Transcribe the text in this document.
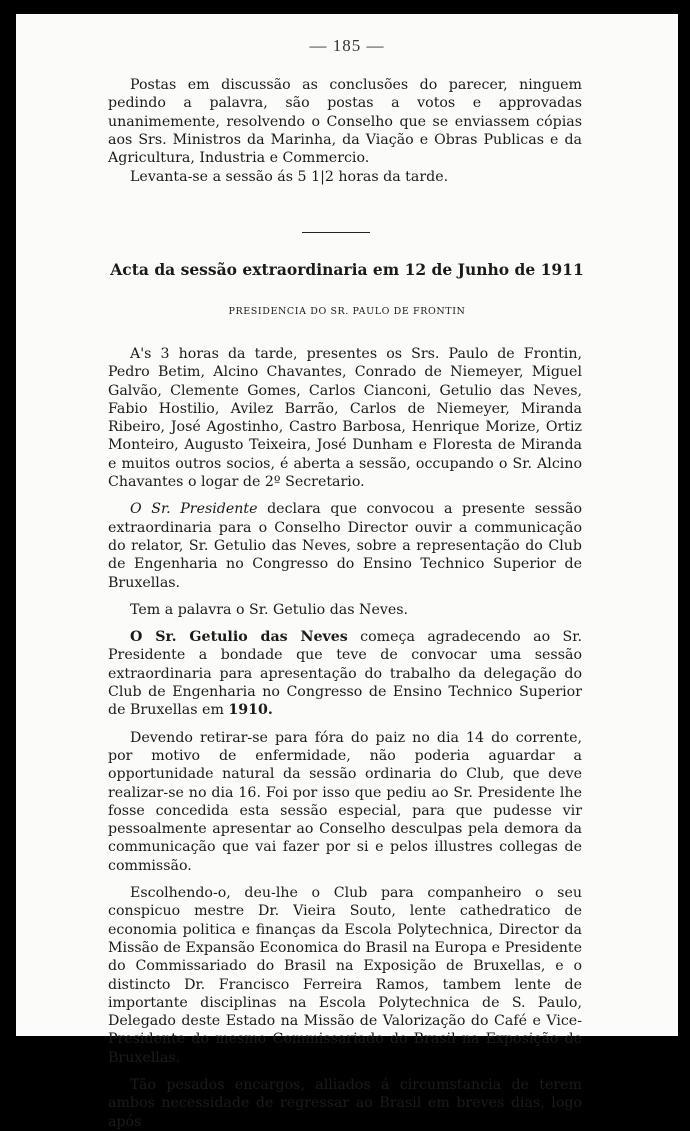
— 185 —

Postas em discussão as conclusões do parecer, ninguem pedindo a palavra, são postas a votos e approvadas unanimemente, resolvendo o Conselho que se enviassem cópias aos Srs. Ministros da Marinha, da Viação e Obras Publicas e da Agricultura, Industria e Commercio.

Levanta-se a sessão ás 5 1|2 horas da tarde.

Acta da sessão extraordinaria em 12 de Junho de 1911
PRESIDENCIA DO SR. PAULO DE FRONTIN

A's 3 horas da tarde, presentes os Srs. Paulo de Frontin, Pedro Betim, Alcino Chavantes, Conrado de Niemeyer, Miguel Galvão, Clemente Gomes, Carlos Cianconi, Getulio das Neves, Fabio Hostilio, Avilez Barrão, Carlos de Niemeyer, Miranda Ribeiro, José Agostinho, Castro Barbosa, Henrique Morize, Ortiz Monteiro, Augusto Teixeira, José Dunham e Floresta de Miranda e muitos outros socios, é aberta a sessão, occupando o Sr. Alcino Chavantes o logar de 2º Secretario.

O Sr. Presidente declara que convocou a presente sessão extraordinaria para o Conselho Director ouvir a communicação do relator, Sr. Getulio das Neves, sobre a representação do Club de Engenharia no Congresso do Ensino Technico Superior de Bruxellas.

Tem a palavra o Sr. Getulio das Neves.

O Sr. Getulio das Neves começa agradecendo ao Sr. Presidente a bondade que teve de convocar uma sessão extraordinaria para apresentação do trabalho da delegação do Club de Engenharia no Congresso de Ensino Technico Superior de Bruxellas em 1910.

Devendo retirar-se para fóra do paiz no dia 14 do corrente, por motivo de enfermidade, não poderia aguardar a opportunidade natural da sessão ordinaria do Club, que deve realizar-se no dia 16. Foi por isso que pediu ao Sr. Presidente lhe fosse concedida esta sessão especial, para que pudesse vir pessoalmente apresentar ao Conselho desculpas pela demora da communicação que vai fazer por si e pelos illustres collegas de commissão.

Escolhendo-o, deu-lhe o Club para companheiro o seu conspicuo mestre Dr. Vieira Souto, lente cathedratico de economia politica e finanças da Escola Polytechnica, Director da Missão de Expansão Economica do Brasil na Europa e Presidente do Commissariado do Brasil na Exposição de Bruxellas, e o distincto Dr. Francisco Ferreira Ramos, tambem lente de importante disciplinas na Escola Polytechnica de S. Paulo, Delegado deste Estado na Missão de Valorização do Café e Vice-Presidente do mesmo Commissariado do Brasil na Exposição de Bruxellas.

Tão pesados encargos, alliados á circumstancia de terem ambos necessidade de regressar ao Brasil em breves dias, logo após
